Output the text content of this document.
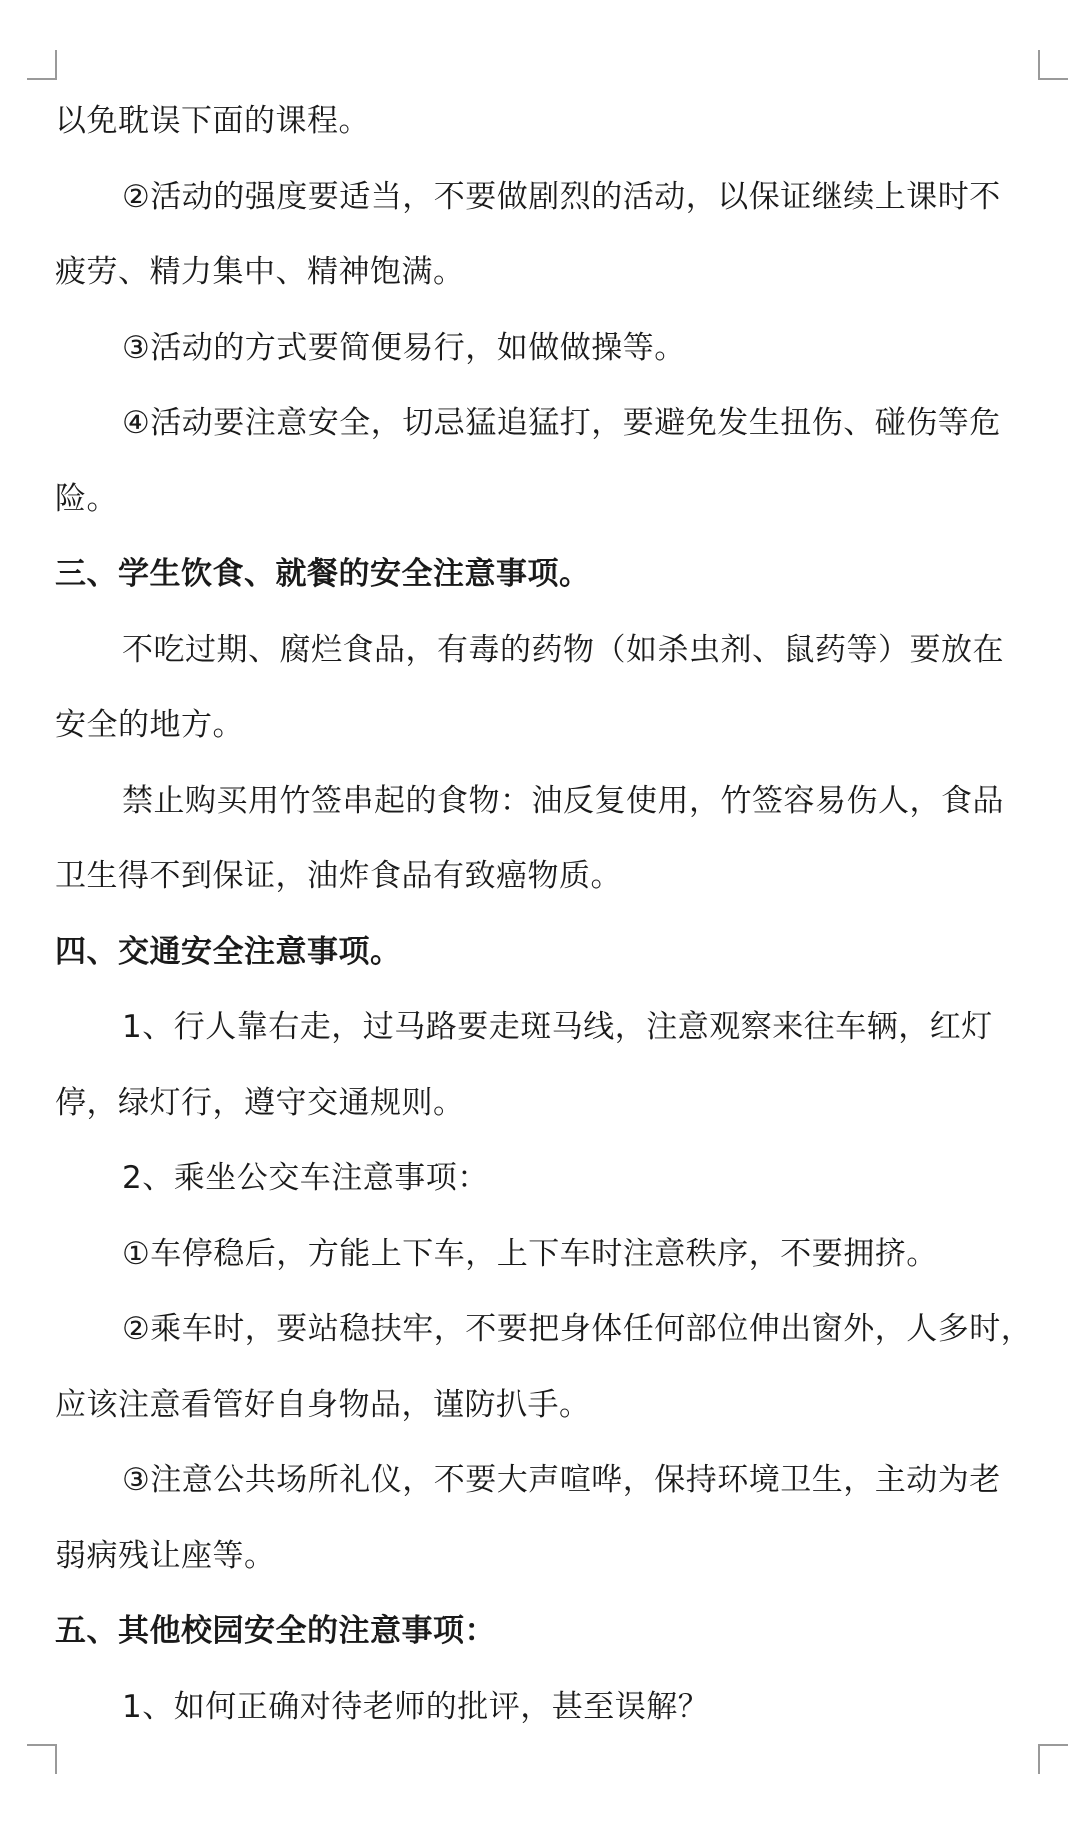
以免耽误下面的课程。
②活动的强度要适当，不要做剧烈的活动，以保证继续上课时不
疲劳、精力集中、精神饱满。
③活动的方式要简便易行，如做做操等。
④活动要注意安全，切忌猛追猛打，要避免发生扭伤、碰伤等危
险。
三、学生饮食、就餐的安全注意事项。
不吃过期、腐烂食品，有毒的药物（如杀虫剂、鼠药等）要放在
安全的地方。
禁止购买用竹签串起的食物：油反复使用，竹签容易伤人，食品
卫生得不到保证，油炸食品有致癌物质。
四、交通安全注意事项。
1、行人靠右走，过马路要走斑马线，注意观察来往车辆，红灯
停，绿灯行，遵守交通规则。
2、乘坐公交车注意事项：
①车停稳后，方能上下车，上下车时注意秩序，不要拥挤。
②乘车时，要站稳扶牢，不要把身体任何部位伸出窗外，人多时，
应该注意看管好自身物品，谨防扒手。
③注意公共场所礼仪，不要大声喧哗，保持环境卫生，主动为老
弱病残让座等。
五、其他校园安全的注意事项：
1、如何正确对待老师的批评，甚至误解？
